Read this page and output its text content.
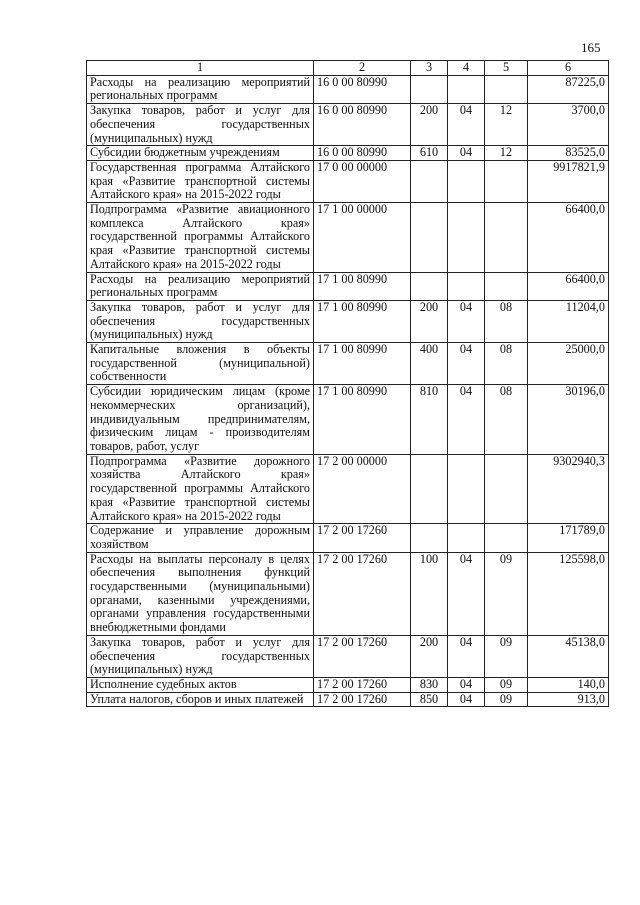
165
1	2	3	4	5	6
Расходы на реализацию мероприятий региональных программ	16 0 00 80990				87225,0
Закупка товаров, работ и услуг для обеспечения государственных (муниципальных) нужд	16 0 00 80990	200	04	12	3700,0
Субсидии бюджетным учреждениям	16 0 00 80990	610	04	12	83525,0
Государственная программа Алтайского края «Развитие транспортной системы Алтайского края» на 2015-2022 годы	17 0 00 00000				9917821,9
Подпрограмма «Развитие авиационного комплекса Алтайского края» государственной программы Алтайского края «Развитие транспортной системы Алтайского края» на 2015-2022 годы	17 1 00 00000				66400,0
Расходы на реализацию мероприятий региональных программ	17 1 00 80990				66400,0
Закупка товаров, работ и услуг для обеспечения государственных (муниципальных) нужд	17 1 00 80990	200	04	08	11204,0
Капитальные вложения в объекты государственной (муниципальной) собственности	17 1 00 80990	400	04	08	25000,0
Субсидии юридическим лицам (кроме некоммерческих организаций), индивидуальным предпринимателям, физическим лицам - производителям товаров, работ, услуг	17 1 00 80990	810	04	08	30196,0
Подпрограмма «Развитие дорожного хозяйства Алтайского края» государственной программы Алтайского края «Развитие транспортной системы Алтайского края» на 2015-2022 годы	17 2 00 00000				9302940,3
Содержание и управление дорожным хозяйством	17 2 00 17260				171789,0
Расходы на выплаты персоналу в целях обеспечения выполнения функций государственными (муниципальными) органами, казенными учреждениями, органами управления государственными внебюджетными фондами	17 2 00 17260	100	04	09	125598,0
Закупка товаров, работ и услуг для обеспечения государственных (муниципальных) нужд	17 2 00 17260	200	04	09	45138,0
Исполнение судебных актов	17 2 00 17260	830	04	09	140,0
Уплата налогов, сборов и иных платежей	17 2 00 17260	850	04	09	913,0
